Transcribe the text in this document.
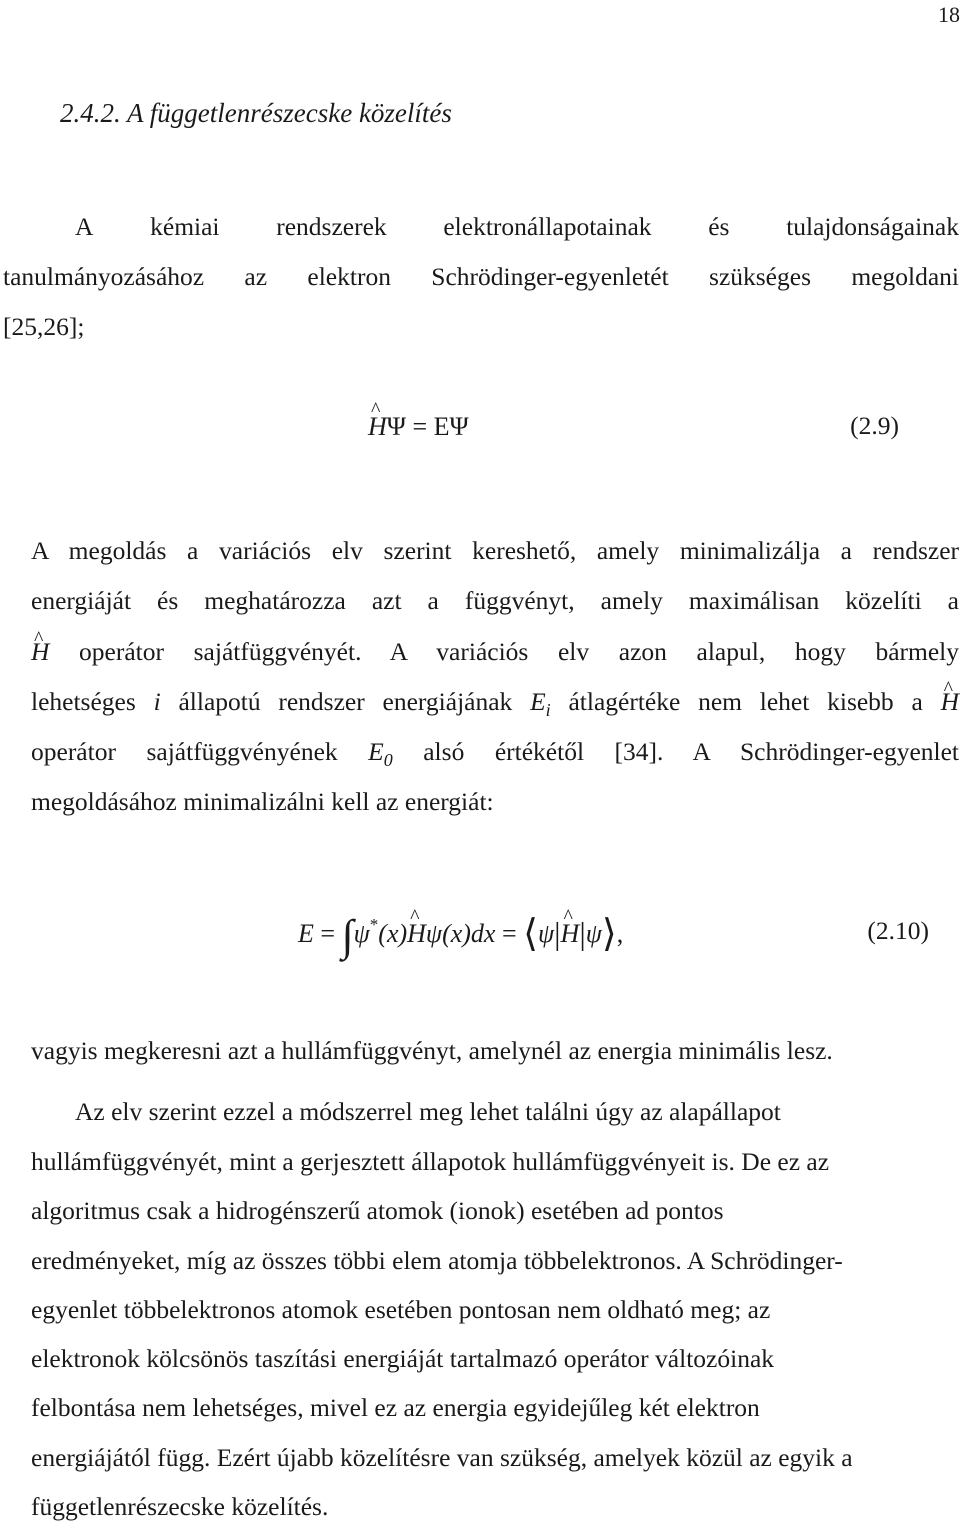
18
2.4.2. A függetlenrészecske közelítés
A kémiai rendszerek elektronállapotainak és tulajdonságainak
tanulmányozásához az elektron Schrödinger-egyenletét szükséges megoldani
[25,26];
^ HΨ = EΨ	(2.9)
A megoldás a variációs elv szerint kereshető, amely minimalizálja a rendszer
energiáját és meghatározza azt a függvényt, amely maximálisan közelíti a
^ H operátor sajátfüggvényét. A variációs elv azon alapul, hogy bármely
lehetséges i állapotú rendszer energiájának $E_i$ átlagértéke nem lehet kisebb a ^ H
operátor sajátfüggvényének $E_0$ alsó értékétől [34]. A Schrödinger-egyenlet
megoldásához minimalizálni kell az energiát:
E = ∫ψ*(x)^ Hψ(x)dx = ⟨ψ|^ H|ψ⟩,	(2.10)
vagyis megkeresni azt a hullámfüggvényt, amelynél az energia minimális lesz.
Az elv szerint ezzel a módszerrel meg lehet találni úgy az alapállapot
hullámfüggvényét, mint a gerjesztett állapotok hullámfüggvényeit is. De ez az
algoritmus csak a hidrogénszerű atomok (ionok) esetében ad pontos
eredményeket, míg az összes többi elem atomja többelektronos. A Schrödinger-
egyenlet többelektronos atomok esetében pontosan nem oldható meg; az
elektronok kölcsönös taszítási energiáját tartalmazó operátor változóinak
felbontása nem lehetséges, mivel ez az energia egyidejűleg két elektron
energiájától függ. Ezért újabb közelítésre van szükség, amelyek közül az egyik a
függetlenrészecske közelítés.
